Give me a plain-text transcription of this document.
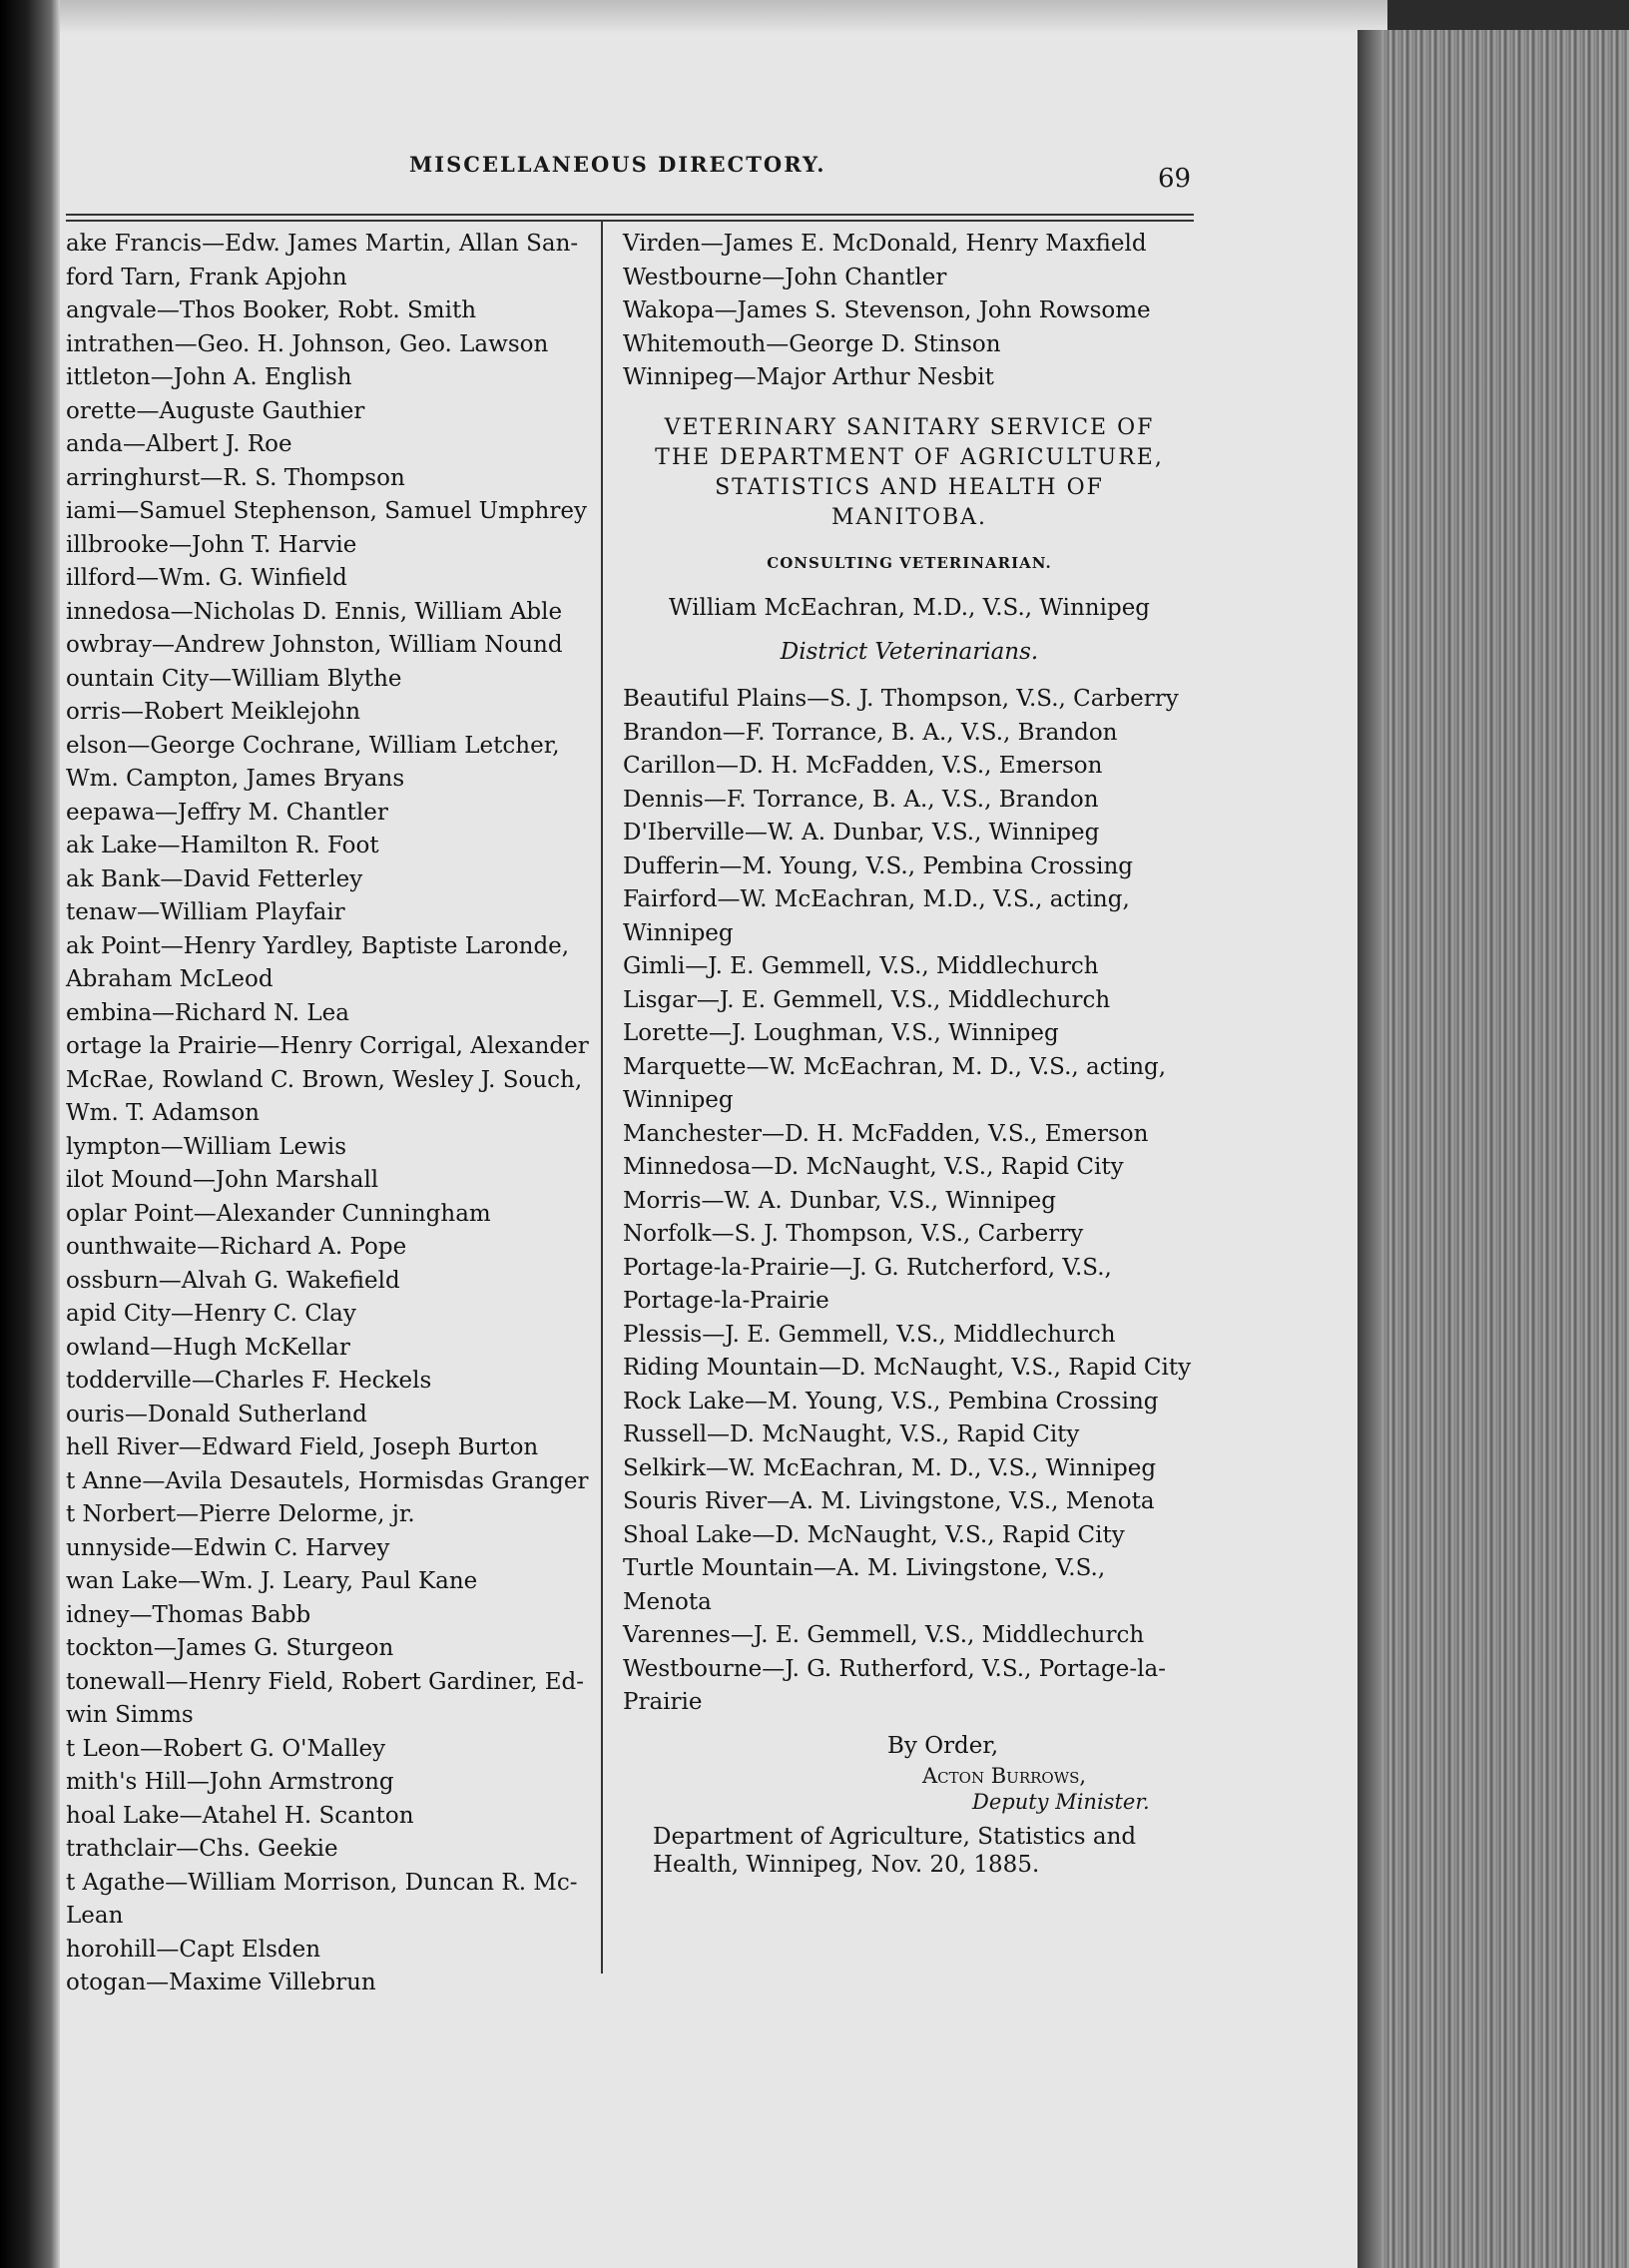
MISCELLANEOUS DIRECTORY.	69
ake Francis—Edw. James Martin, Allan San-ford Tarn, Frank Apjohn
angvale—Thos Booker, Robt. Smith
intrathen—Geo. H. Johnson, Geo. Lawson
ittleton—John A. English
orette—Auguste Gauthier
anda—Albert J. Roe
arringhurst—R. S. Thompson
iami—Samuel Stephenson, Samuel Umphrey
illbrooke—John T. Harvie
illford—Wm. G. Winfield
innedosa—Nicholas D. Ennis, William Able
owbray—Andrew Johnston, William Nound
ountain City—William Blythe
orris—Robert Meiklejohn
elson—George Cochrane, William Letcher, Wm. Campton, James Bryans
eepawa—Jeffry M. Chantler
ak Lake—Hamilton R. Foot
ak Bank—David Fetterley
tenaw—William Playfair
ak Point—Henry Yardley, Baptiste Laronde, Abraham McLeod
embina—Richard N. Lea
ortage la Prairie—Henry Corrigal, Alexander McRae, Rowland C. Brown, Wesley J. Souch, Wm. T. Adamson
lympton—William Lewis
ilot Mound—John Marshall
oplar Point—Alexander Cunningham
ounthwaite—Richard A. Pope
ossburn—Alvah G. Wakefield
apid City—Henry C. Clay
owland—Hugh McKellar
todderville—Charles F. Heckels
ouris—Donald Sutherland
hell River—Edward Field, Joseph Burton
t Anne—Avila Desautels, Hormisdas Granger
t Norbert—Pierre Delorme, jr.
unnyside—Edwin C. Harvey
wan Lake—Wm. J. Leary, Paul Kane
idney—Thomas Babb
tockton—James G. Sturgeon
tonewall—Henry Field, Robert Gardiner, Ed-win Simms
t Leon—Robert G. O'Malley
mith's Hill—John Armstrong
hoal Lake—Atahel H. Scanton
trathclair—Chs. Geekie
t Agathe—William Morrison, Duncan R. Mc-Lean
horohill—Capt Elsden
otogan—Maxime Villebrun
Virden—James E. McDonald, Henry Maxfield
Westbourne—John Chantler
Wakopa—James S. Stevenson, John Rowsome
Whitemouth—George D. Stinson
Winnipeg—Major Arthur Nesbit
VETERINARY SANITARY SERVICE OF
THE DEPARTMENT OF AGRICULTURE,
STATISTICS AND HEALTH OF
MANITOBA.
CONSULTING VETERINARIAN.
William McEachran, M.D., V.S., Winnipeg
District Veterinarians.
Beautiful Plains—S. J. Thompson, V.S., Carberry
Brandon—F. Torrance, B. A., V.S., Brandon
Carillon—D. H. McFadden, V.S., Emerson
Dennis—F. Torrance, B. A., V.S., Brandon
D'Iberville—W. A. Dunbar, V.S., Winnipeg
Dufferin—M. Young, V.S., Pembina Crossing
Fairford—W. McEachran, M.D., V.S., acting, Winnipeg
Gimli—J. E. Gemmell, V.S., Middlechurch
Lisgar—J. E. Gemmell, V.S., Middlechurch
Lorette—J. Loughman, V.S., Winnipeg
Marquette—W. McEachran, M. D., V.S., acting, Winnipeg
Manchester—D. H. McFadden, V.S., Emerson
Minnedosa—D. McNaught, V.S., Rapid City
Morris—W. A. Dunbar, V.S., Winnipeg
Norfolk—S. J. Thompson, V.S., Carberry
Portage-la-Prairie—J. G. Rutcherford, V.S., Portage-la-Prairie
Plessis—J. E. Gemmell, V.S., Middlechurch
Riding Mountain—D. McNaught, V.S., Rapid City
Rock Lake—M. Young, V.S., Pembina Crossing
Russell—D. McNaught, V.S., Rapid City
Selkirk—W. McEachran, M. D., V.S., Winnipeg
Souris River—A. M. Livingstone, V.S., Menota
Shoal Lake—D. McNaught, V.S., Rapid City
Turtle Mountain—A. M. Livingstone, V.S., Menota
Varennes—J. E. Gemmell, V.S., Middlechurch
Westbourne—J. G. Rutherford, V.S., Portage-la-Prairie
By Order,
Acton Burrows,
Deputy Minister.
Department of Agriculture, Statistics and Health, Winnipeg, Nov. 20, 1885.
